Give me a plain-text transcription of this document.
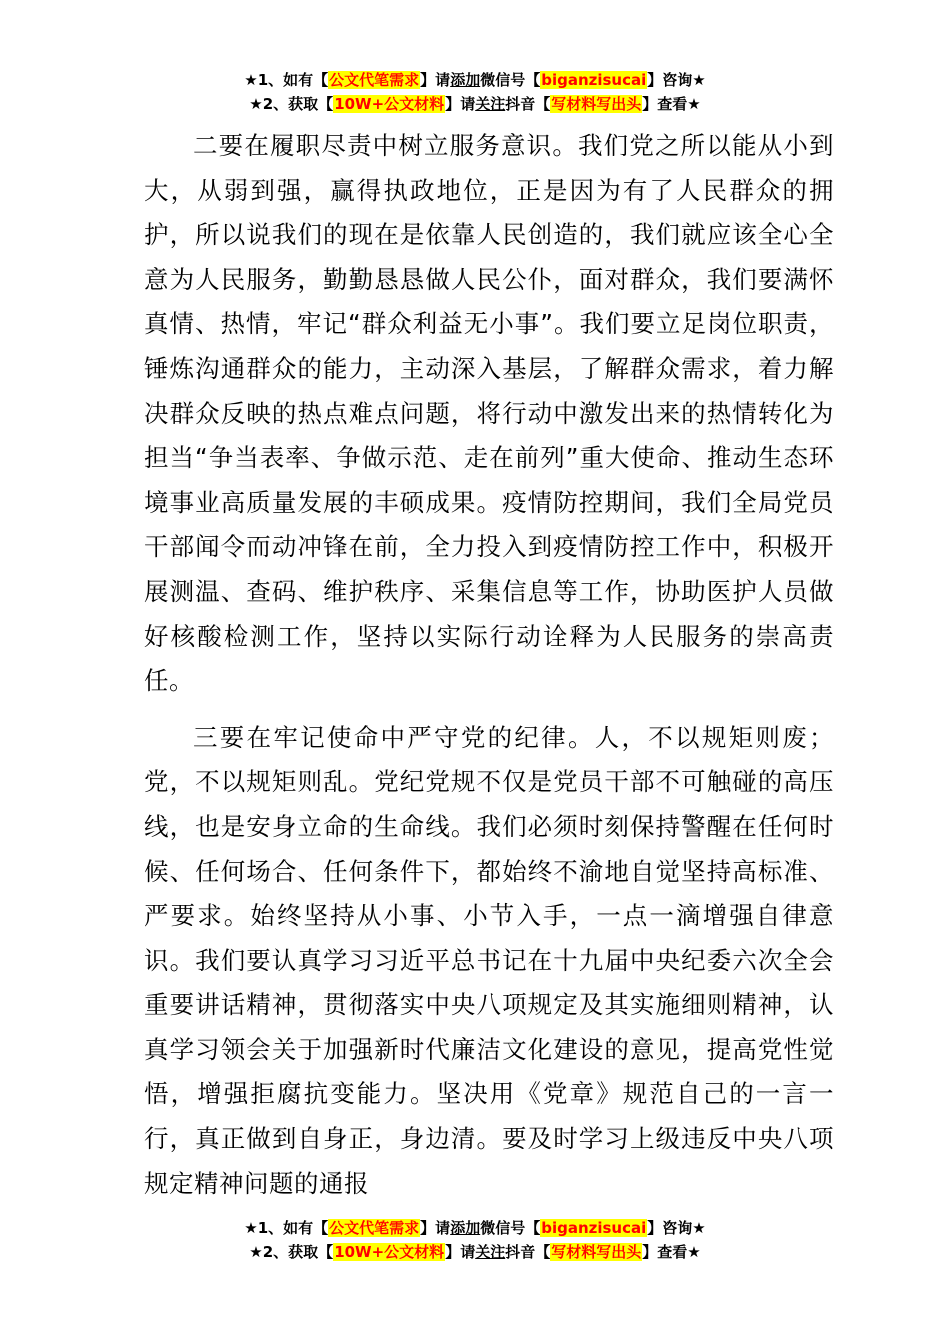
★1、如有【公文代笔需求】请添加微信号【biganzisucai】咨询★
★2、获取【10W+公文材料】请关注抖音【写材料写出头】查看★

二要在履职尽责中树立服务意识。我们党之所以能从小到大，从弱到强，赢得执政地位，正是因为有了人民群众的拥护，所以说我们的现在是依靠人民创造的，我们就应该全心全意为人民服务，勤勤恳恳做人民公仆，面对群众，我们要满怀真情、热情，牢记“群众利益无小事”。我们要立足岗位职责，锤炼沟通群众的能力，主动深入基层，了解群众需求，着力解决群众反映的热点难点问题，将行动中激发出来的热情转化为担当“争当表率、争做示范、走在前列”重大使命、推动生态环境事业高质量发展的丰硕成果。疫情防控期间，我们全局党员干部闻令而动冲锋在前，全力投入到疫情防控工作中，积极开展测温、查码、维护秩序、采集信息等工作，协助医护人员做好核酸检测工作，坚持以实际行动诠释为人民服务的崇高责任。

三要在牢记使命中严守党的纪律。人，不以规矩则废；党，不以规矩则乱。党纪党规不仅是党员干部不可触碰的高压线，也是安身立命的生命线。我们必须时刻保持警醒在任何时候、任何场合、任何条件下，都始终不渝地自觉坚持高标准、严要求。始终坚持从小事、小节入手，一点一滴增强自律意识。我们要认真学习习近平总书记在十九届中央纪委六次全会重要讲话精神，贯彻落实中央八项规定及其实施细则精神，认真学习领会关于加强新时代廉洁文化建设的意见，提高党性觉悟，增强拒腐抗变能力。坚决用《党章》规范自己的一言一行，真正做到自身正，身边清。要及时学习上级违反中央八项规定精神问题的通报

★1、如有【公文代笔需求】请添加微信号【biganzisucai】咨询★
★2、获取【10W+公文材料】请关注抖音【写材料写出头】查看★
